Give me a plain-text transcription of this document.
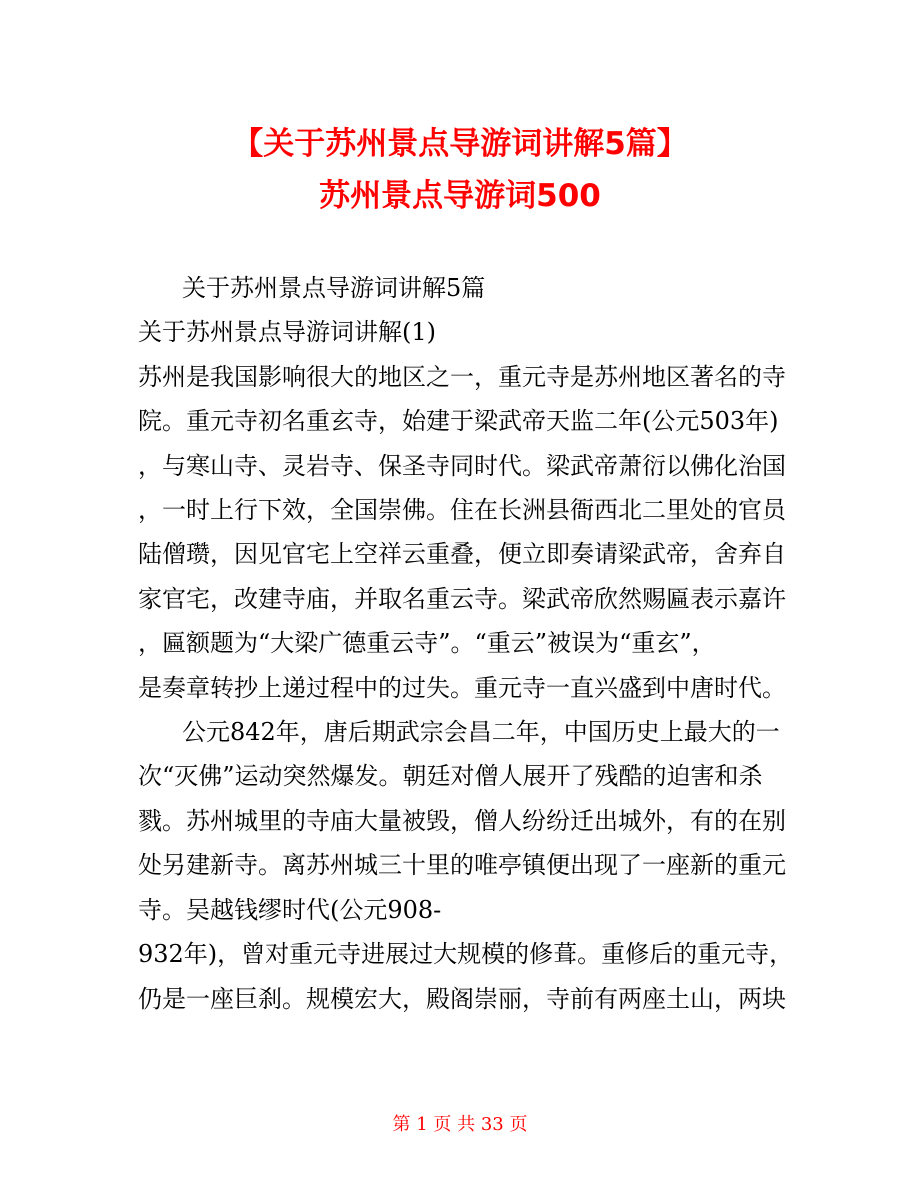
【关于苏州景点导游词讲解5篇】
苏州景点导游词500
关于苏州景点导游词讲解5篇
关于苏州景点导游词讲解(1)
苏州是我国影响很大的地区之一，重元寺是苏州地区著名的寺
院。重元寺初名重玄寺，始建于梁武帝天监二年(公元503年)
，与寒山寺、灵岩寺、保圣寺同时代。梁武帝萧衍以佛化治国
，一时上行下效，全国崇佛。住在长洲县衙西北二里处的官员
陆僧瓒，因见官宅上空祥云重叠，便立即奏请梁武帝，舍弃自
家官宅，改建寺庙，并取名重云寺。梁武帝欣然赐匾表示嘉许
，匾额题为“大梁广德重云寺”。“重云”被误为“重玄”，
是奏章转抄上递过程中的过失。重元寺一直兴盛到中唐时代。
公元842年，唐后期武宗会昌二年，中国历史上最大的一
次“灭佛”运动突然爆发。朝廷对僧人展开了残酷的迫害和杀
戮。苏州城里的寺庙大量被毁，僧人纷纷迁出城外，有的在别
处另建新寺。离苏州城三十里的唯亭镇便出现了一座新的重元
寺。吴越钱缪时代(公元908-
932年)，曾对重元寺进展过大规模的修葺。重修后的重元寺，
仍是一座巨刹。规模宏大，殿阁崇丽，寺前有两座土山，两块
第 1 页 共 33 页
